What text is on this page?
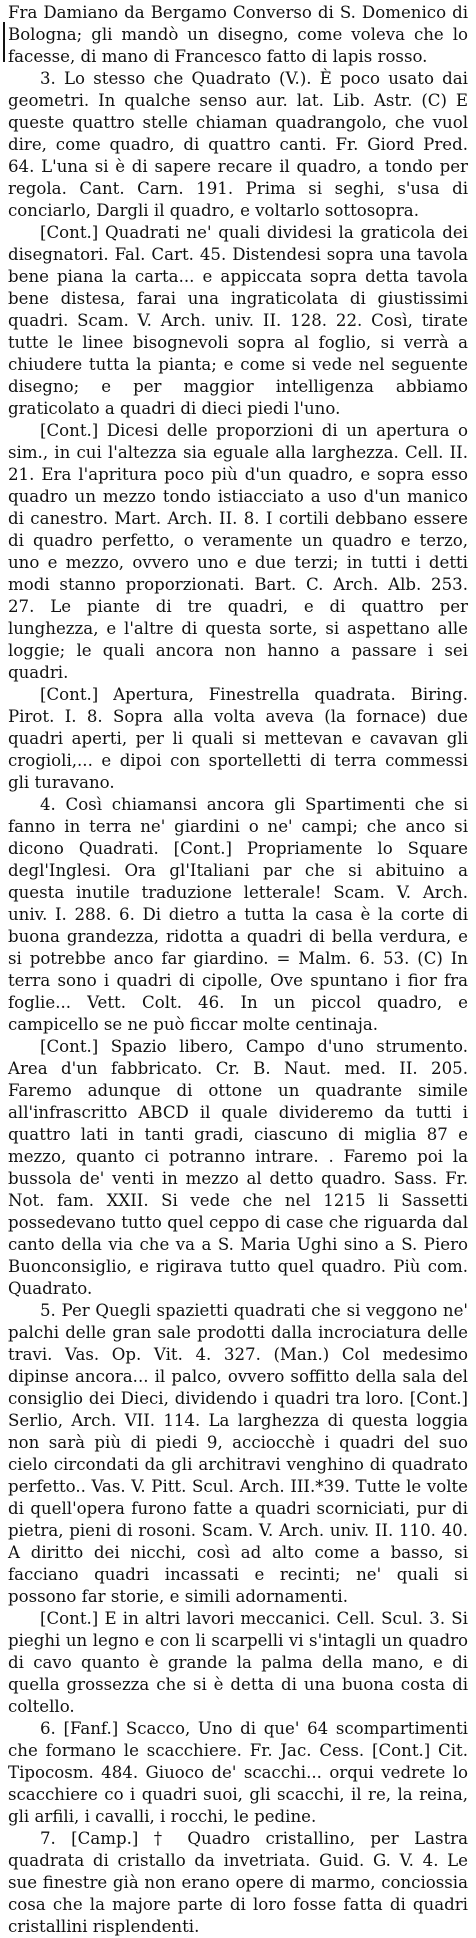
Fra Damiano da Bergamo Converso di S. Domenico di Bologna; gli mandò un disegno, come voleva che lo facesse, di mano di Francesco fatto di lapis rosso.

3. Lo stesso che Quadrato (V.). È poco usato dai geometri. In qualche senso aur. lat. Lib. Astr. (C) E queste quattro stelle chiaman quadrangolo, che vuol dire, come quadro, di quattro canti. Fr. Giord Pred. 64. L'una si è di sapere recare il quadro, a tondo per regola. Cant. Carn. 191. Prima si seghi, s'usa di conciarlo, Dargli il quadro, e voltarlo sottosopra.

[Cont.] Quadrati ne' quali dividesi la graticola dei disegnatori. Fal. Cart. 45. Distendesi sopra una tavola bene piana la carta... e appiccata sopra detta tavola bene distesa, farai una ingraticolata di giustissimi quadri. Scam. V. Arch. univ. II. 128. 22. Così, tirate tutte le linee bisognevoli sopra al foglio, si verrà a chiudere tutta la pianta; e come si vede nel seguente disegno; e per maggior intelligenza abbiamo graticolato a quadri di dieci piedi l'uno.

[Cont.] Dicesi delle proporzioni di un apertura o sim., in cui l'altezza sia eguale alla larghezza. Cell. II. 21. Era l'apritura poco più d'un quadro, e sopra esso quadro un mezzo tondo istiacciato a uso d'un manico di canestro. Mart. Arch. II. 8. I cortili debbano essere di quadro perfetto, o veramente un quadro e terzo, uno e mezzo, ovvero uno e due terzi; in tutti i detti modi stanno proporzionati. Bart. C. Arch. Alb. 253. 27. Le piante di tre quadri, e di quattro per lunghezza, e l'altre di questa sorte, si aspettano alle loggie; le quali ancora non hanno a passare i sei quadri.

[Cont.] Apertura, Finestrella quadrata. Biring. Pirot. I. 8. Sopra alla volta aveva (la fornace) due quadri aperti, per li quali si mettevan e cavavan gli crogioli,... e dipoi con sportelletti di terra commessi gli turavano.

4. Così chiamansi ancora gli Spartimenti che si fanno in terra ne' giardini o ne' campi; che anco si dicono Quadrati. [Cont.] Propriamente lo Square degl'Inglesi. Ora gl'Italiani par che si abituino a questa inutile traduzione letterale! Scam. V. Arch. univ. I. 288. 6. Di dietro a tutta la casa è la corte di buona grandezza, ridotta a quadri di bella verdura, e si potrebbe anco far giardino. = Malm. 6. 53. (C) In terra sono i quadri di cipolle, Ove spuntano i fior fra foglie... Vett. Colt. 46. In un piccol quadro, e campicello se ne può ficcar molte centinaja.

[Cont.] Spazio libero, Campo d'uno strumento. Area d'un fabbricato. Cr. B. Naut. med. II. 205. Faremo adunque di ottone un quadrante simile all'infrascritto ABCD il quale divideremo da tutti i quattro lati in tanti gradi, ciascuno di miglia 87 e mezzo, quanto ci potranno intrare. . Faremo poi la bussola de' venti in mezzo al detto quadro. Sass. Fr. Not. fam. XXII. Si vede che nel 1215 li Sassetti possedevano tutto quel ceppo di case che riguarda dal canto della via che va a S. Maria Ughi sino a S. Piero Buonconsiglio, e rigirava tutto quel quadro. Più com. Quadrato.

5. Per Quegli spazietti quadrati che si veggono ne' palchi delle gran sale prodotti dalla incrociatura delle travi. Vas. Op. Vit. 4. 327. (Man.) Col medesimo dipinse ancora... il palco, ovvero soffitto della sala del consiglio dei Dieci, dividendo i quadri tra loro. [Cont.] Serlio, Arch. VII. 114. La larghezza di questa loggia non sarà più di piedi 9, acciocchè i quadri del suo cielo circondati da gli architravi venghino di quadrato perfetto.. Vas. V. Pitt. Scul. Arch. III.*39. Tutte le volte di quell'opera furono fatte a quadri scorniciati, pur di pietra, pieni di rosoni. Scam. V. Arch. univ. II. 110. 40. A diritto dei nicchi, così ad alto come a basso, si facciano quadri incassati e recinti; ne' quali si possono far storie, e simili adornamenti.

[Cont.] E in altri lavori meccanici. Cell. Scul. 3. Si pieghi un legno e con li scarpelli vi s'intagli un quadro di cavo quanto è grande la palma della mano, e di quella grossezza che si è detta di una buona costa di coltello.

6. [Fanf.] Scacco, Uno di que' 64 scompartimenti che formano le scacchiere. Fr. Jac. Cess. [Cont.] Cit. Tipocosm. 484. Giuoco de' scacchi... orqui vedrete lo scacchiere co i quadri suoi, gli scacchi, il re, la reina, gli arfili, i cavalli, i rocchi, le pedine.

7. [Camp.] † Quadro cristallino, per Lastra quadrata di cristallo da invetriata. Guid. G. V. 4. Le sue finestre già non erano opere di marmo, conciossia cosa che la majore parte di loro fosse fatta di quadri cristallini risplendenti.
